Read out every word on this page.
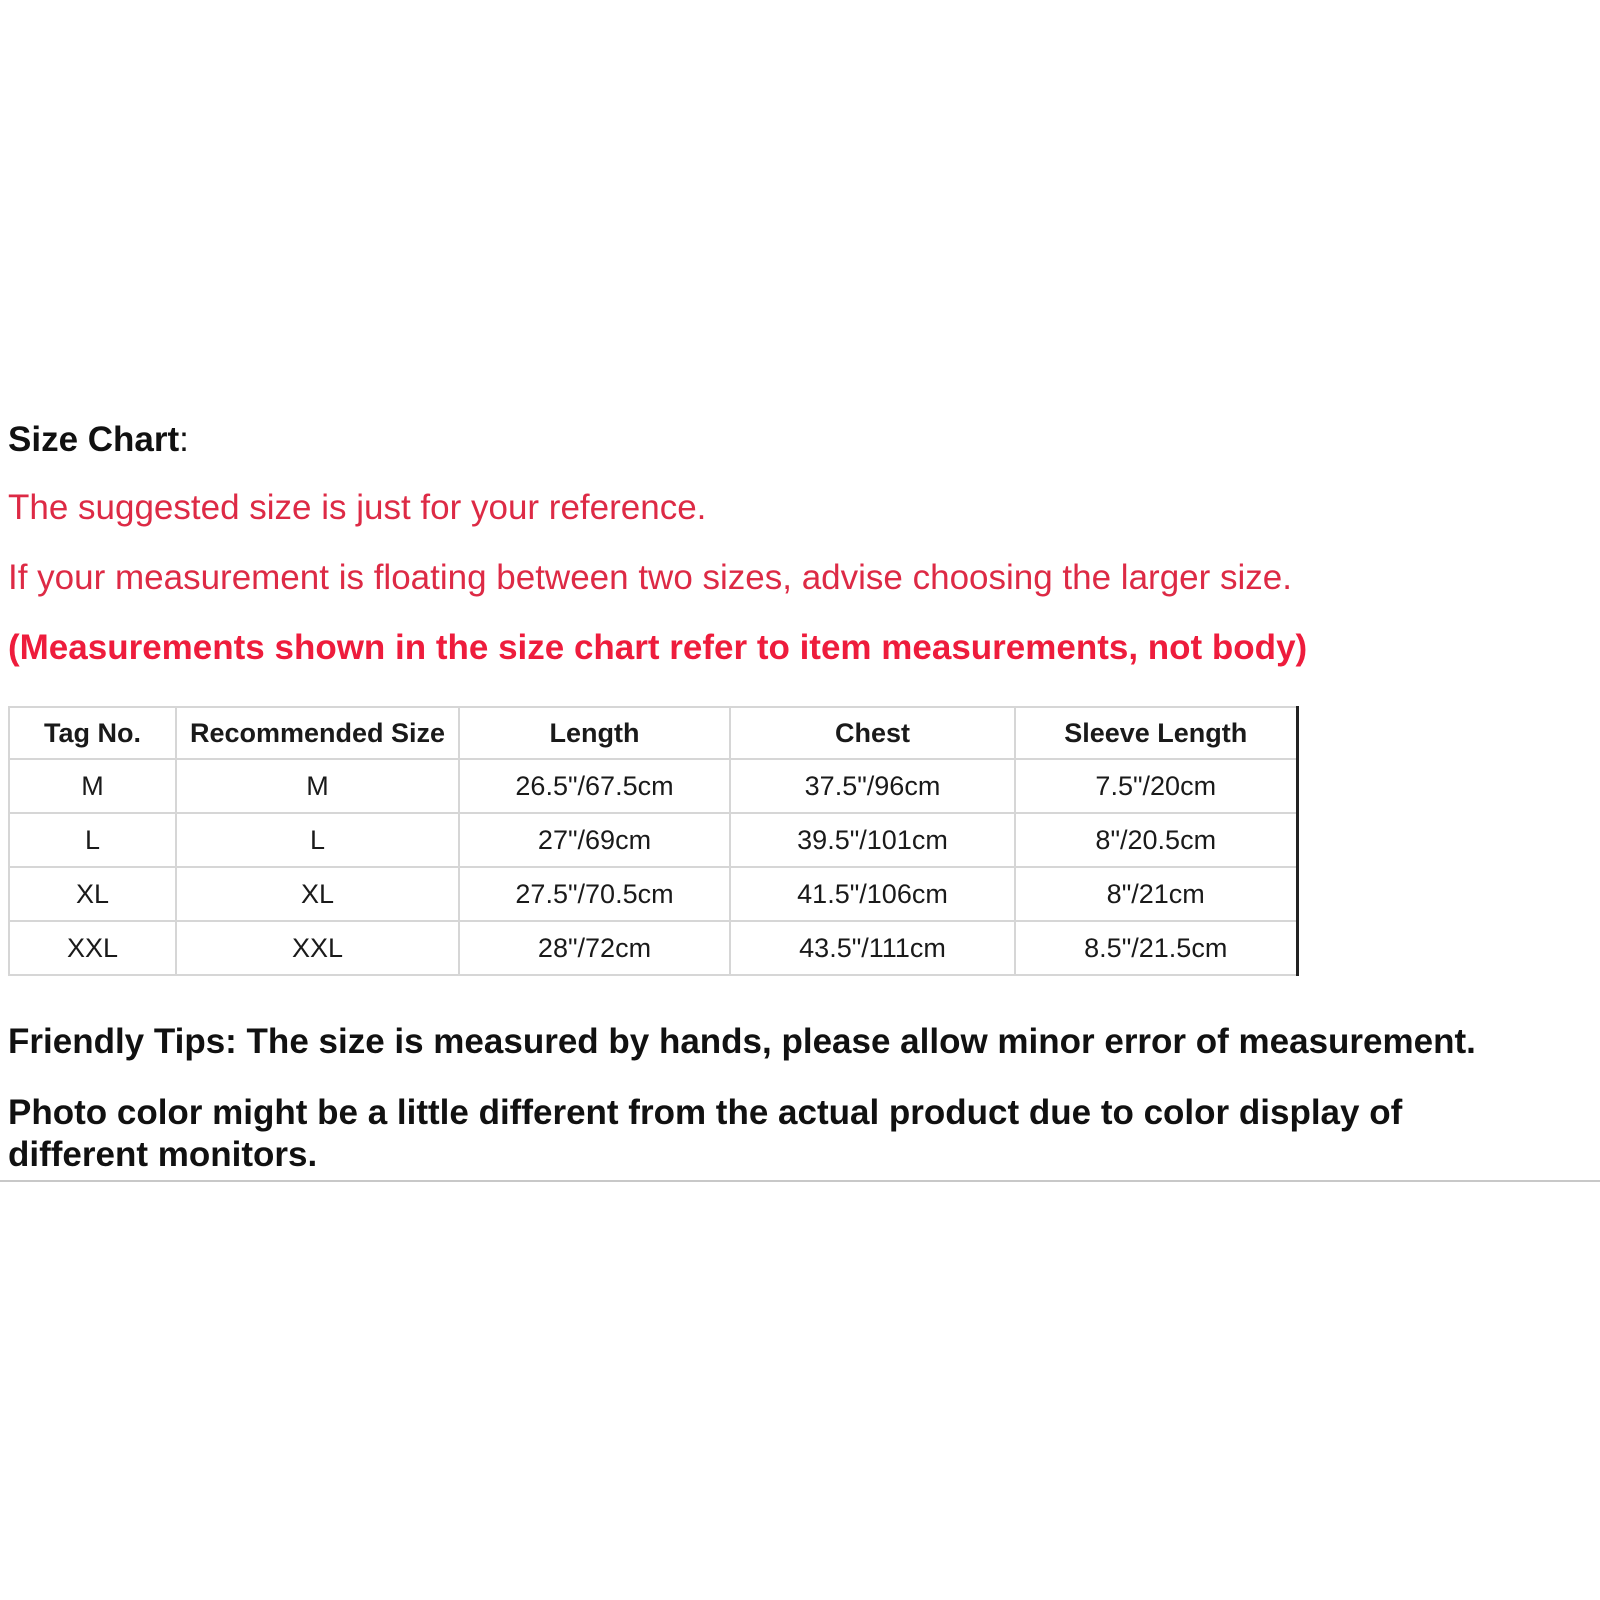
Size Chart:
The suggested size is just for your reference.
If your measurement is floating between two sizes, advise choosing the larger size.
(Measurements shown in the size chart refer to item measurements, not body)
Tag No.	Recommended Size	Length	Chest	Sleeve Length
M	M	26.5"/67.5cm	37.5"/96cm	7.5"/20cm
L	L	27"/69cm	39.5"/101cm	8"/20.5cm
XL	XL	27.5"/70.5cm	41.5"/106cm	8"/21cm
XXL	XXL	28"/72cm	43.5"/111cm	8.5"/21.5cm
Friendly Tips: The size is measured by hands, please allow minor error of measurement.
Photo color might be a little different from the actual product due to color display of different monitors.
